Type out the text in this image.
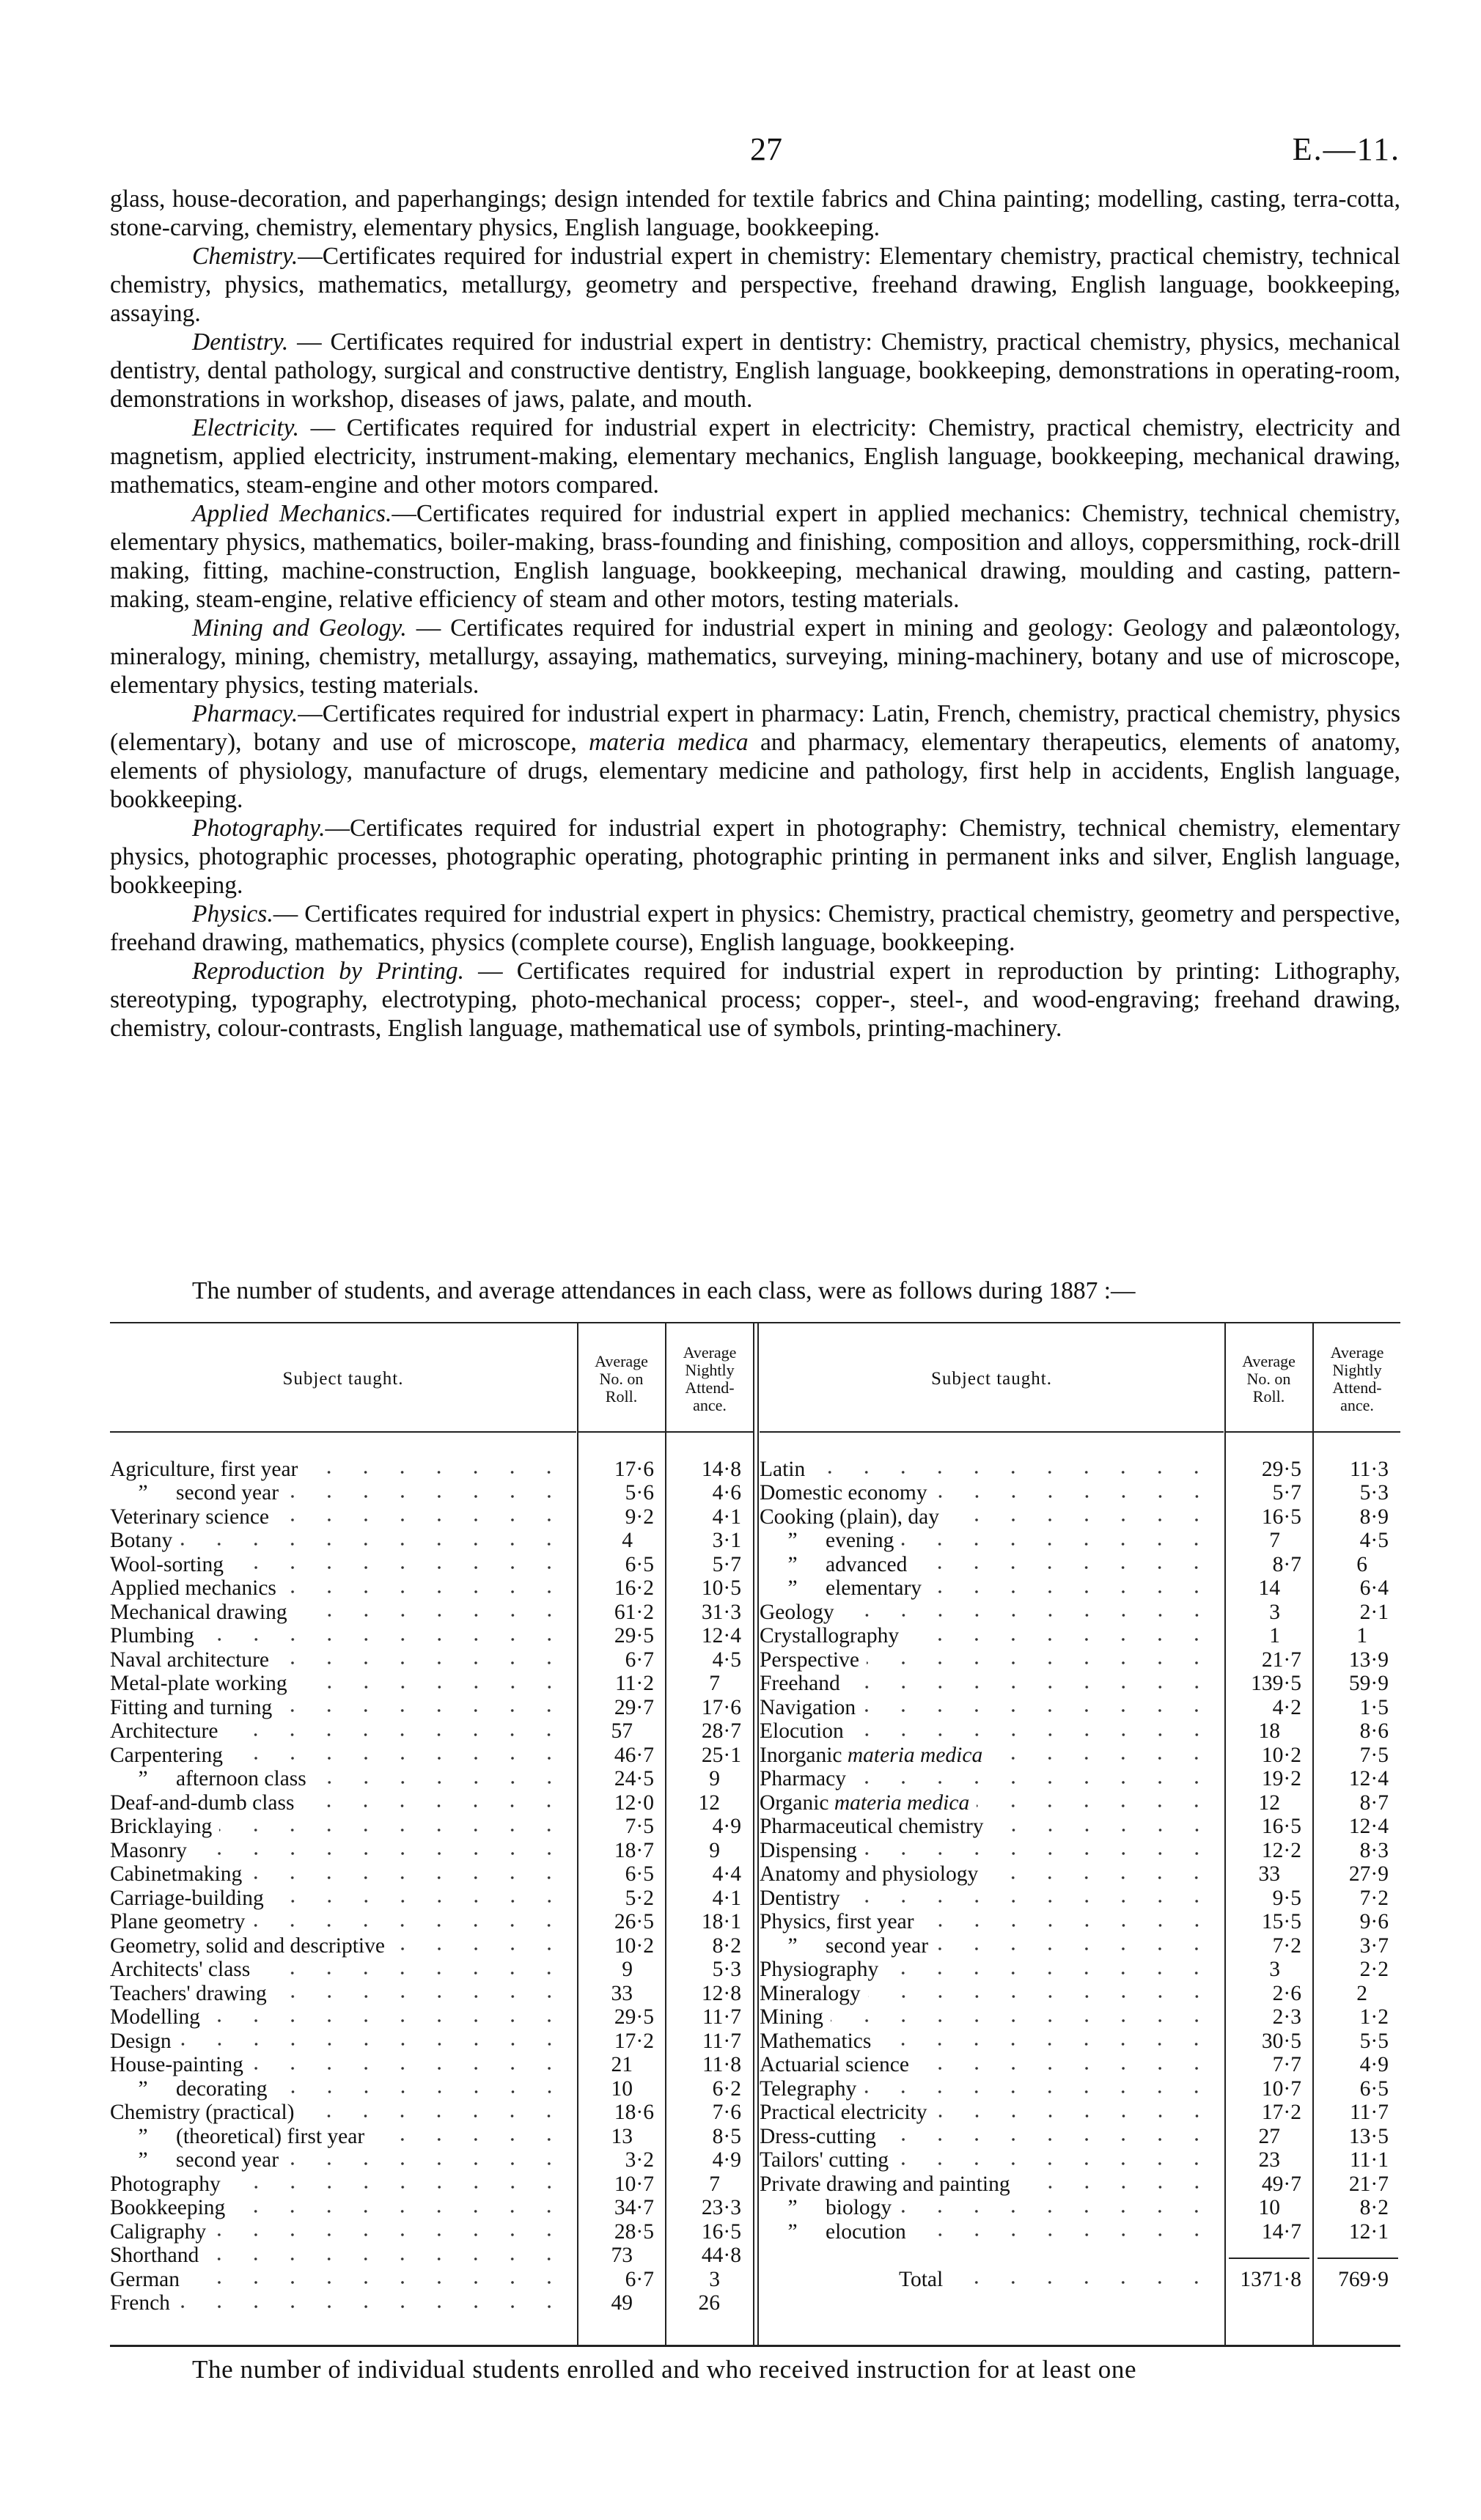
27	E.—11.

glass, house-decoration, and paperhangings; design intended for textile fabrics and China painting; modelling, casting, terra-cotta, stone-carving, chemistry, elementary physics, English language, bookkeeping.

Chemistry.—Certificates required for industrial expert in chemistry: Elementary chemistry, practical chemistry, technical chemistry, physics, mathematics, metallurgy, geometry and perspective, freehand drawing, English language, bookkeeping, assaying.

Dentistry. — Certificates required for industrial expert in dentistry: Chemistry, practical chemistry, physics, mechanical dentistry, dental pathology, surgical and constructive dentistry, English language, bookkeeping, demonstrations in operating-room, demonstrations in workshop, diseases of jaws, palate, and mouth.

Electricity. — Certificates required for industrial expert in electricity: Chemistry, practical chemistry, electricity and magnetism, applied electricity, instrument-making, elementary mechanics, English language, bookkeeping, mechanical drawing, mathematics, steam-engine and other motors compared.

Applied Mechanics.—Certificates required for industrial expert in applied mechanics: Chemistry, technical chemistry, elementary physics, mathematics, boiler-making, brass-founding and finishing, composition and alloys, coppersmithing, rock-drill making, fitting, machine-construction, English language, bookkeeping, mechanical drawing, moulding and casting, pattern-making, steam-engine, relative efficiency of steam and other motors, testing materials.

Mining and Geology. — Certificates required for industrial expert in mining and geology: Geology and palæontology, mineralogy, mining, chemistry, metallurgy, assaying, mathematics, surveying, mining-machinery, botany and use of microscope, elementary physics, testing materials.

Pharmacy.—Certificates required for industrial expert in pharmacy: Latin, French, chemistry, practical chemistry, physics (elementary), botany and use of microscope, materia medica and pharmacy, elementary therapeutics, elements of anatomy, elements of physiology, manufacture of drugs, elementary medicine and pathology, first help in accidents, English language, bookkeeping.

Photography.—Certificates required for industrial expert in photography: Chemistry, technical chemistry, elementary physics, photographic processes, photographic operating, photographic printing in permanent inks and silver, English language, bookkeeping.

Physics.— Certificates required for industrial expert in physics: Chemistry, practical chemistry, geometry and perspective, freehand drawing, mathematics, physics (complete course), English language, bookkeeping.

Reproduction by Printing. — Certificates required for industrial expert in reproduction by printing: Lithography, stereotyping, typography, electrotyping, photo-mechanical process; copper-, steel-, and wood-engraving; freehand drawing, chemistry, colour-contrasts, English language, mathematical use of symbols, printing-machinery.

The number of students, and average attendances in each class, were as follows during 1887 :—
Subject taught.
Average
No. on
Roll.
Average
Nightly
Attend-
ance.
Subject taught.
Average
No. on
Roll.
Average
Nightly
Attend-
ance.
Agriculture, first year	17·6	14·8
”	second year	5·6	4·6
Veterinary science	9·2	4·1
Botany	4	3·1
Wool-sorting	6·5	5·7
Applied mechanics	16·2	10·5
Mechanical drawing	61·2	31·3
Plumbing	29·5	12·4
Naval architecture	6·7	4·5
Metal-plate working	11·2	7
Fitting and turning	29·7	17·6
Architecture	57	28·7
Carpentering	46·7	25·1
”	afternoon class	24·5	9
Deaf-and-dumb class	12·0	12
Bricklaying	7·5	4·9
Masonry	18·7	9
Cabinetmaking	6·5	4·4
Carriage-building	5·2	4·1
Plane geometry	26·5	18·1
Geometry, solid and descriptive	10·2	8·2
Architects' class	9	5·3
Teachers' drawing	33	12·8
Modelling	29·5	11·7
Design	17·2	11·7
House-painting	21	11·8
”	decorating	10	6·2
Chemistry (practical)	18·6	7·6
”	(theoretical) first year	13	8·5
”	second year	3·2	4·9
Photography	10·7	7
Bookkeeping	34·7	23·3
Caligraphy	28·5	16·5
Shorthand	73	44·8
German	6·7	3
French	49	26
Latin	29·5	11·3
Domestic economy	5·7	5·3
Cooking (plain), day	16·5	8·9
”	evening	7	4·5
”	advanced	8·7	6
”	elementary	14	6·4
Geology	3	2·1
Crystallography	1	1
Perspective	21·7	13·9
Freehand	139·5	59·9
Navigation	4·2	1·5
Elocution	18	8·6
Inorganic materia medica	10·2	7·5
Pharmacy	19·2	12·4
Organic materia medica	12	8·7
Pharmaceutical chemistry	16·5	12·4
Dispensing	12·2	8·3
Anatomy and physiology	33	27·9
Dentistry	9·5	7·2
Physics, first year	15·5	9·6
”	second year	7·2	3·7
Physiography	3	2·2
Mineralogy	2·6	2
Mining	2·3	1·2
Mathematics	30·5	5·5
Actuarial science	7·7	4·9
Telegraphy	10·7	6·5
Practical electricity	17·2	11·7
Dress-cutting	27	13·5
Tailors' cutting	23	11·1
Private drawing and painting	49·7	21·7
”	biology	10	8·2
”	elocution	14·7	12·1
Total	1371·8	769·9
The number of individual students enrolled and who received instruction for at least one
